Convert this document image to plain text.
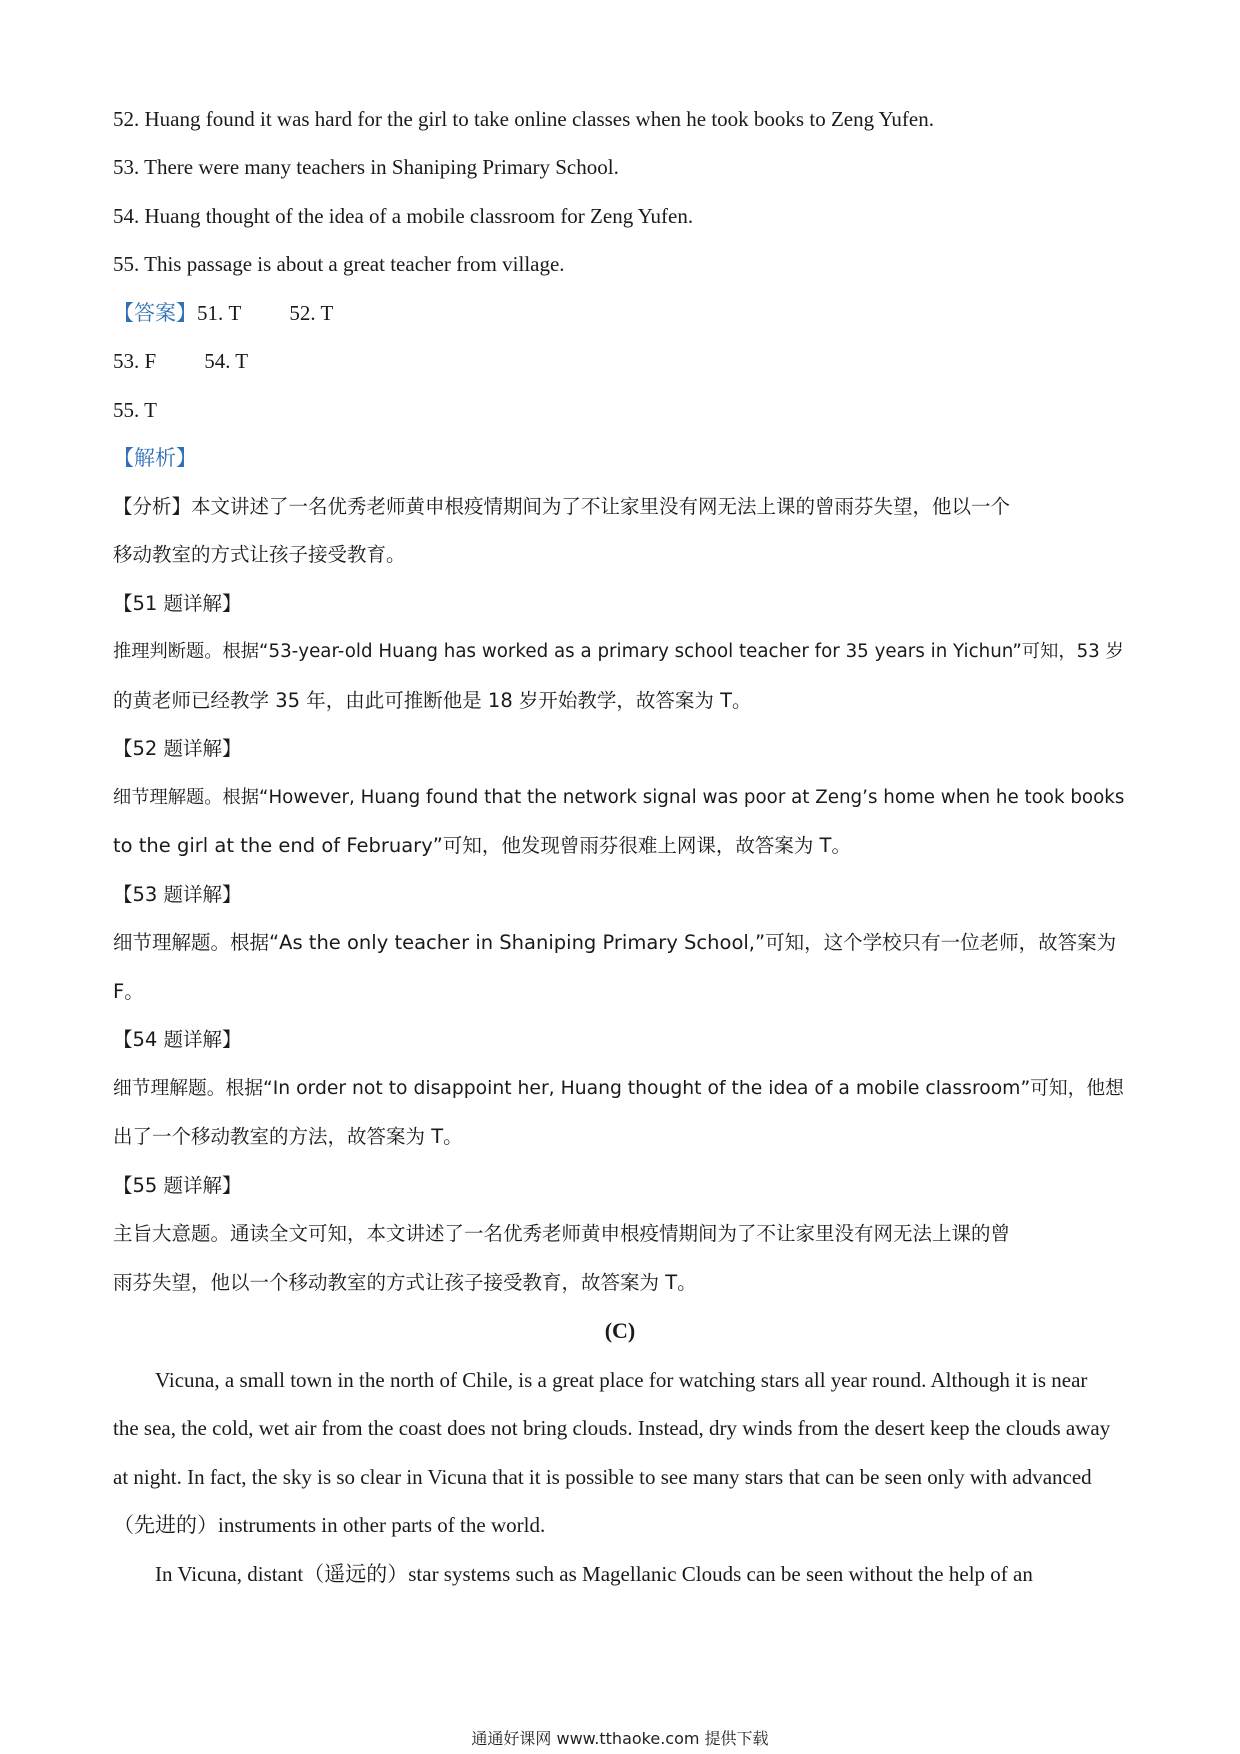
52. Huang found it was hard for the girl to take online classes when he took books to Zeng Yufen.
53. There were many teachers in Shaniping Primary School.
54. Huang thought of the idea of a mobile classroom for Zeng Yufen.
55. This passage is about a great teacher from village.
【答案】51. T 52. T
53. F 54. T
55. T
【解析】
【分析】本文讲述了一名优秀老师黄申根疫情期间为了不让家里没有网无法上课的曾雨芬失望，他以一个
移动教室的方式让孩子接受教育。
【51 题详解】
推理判断题。根据“53-year-old Huang has worked as a primary school teacher for 35 years in Yichun”可知，53 岁
的黄老师已经教学 35 年，由此可推断他是 18 岁开始教学，故答案为 T。
【52 题详解】
细节理解题。根据“However, Huang found that the network signal was poor at Zeng’s home when he took books
to the girl at the end of February”可知，他发现曾雨芬很难上网课，故答案为 T。
【53 题详解】
细节理解题。根据“As the only teacher in Shaniping Primary School,”可知，这个学校只有一位老师，故答案为
F。
【54 题详解】
细节理解题。根据“In order not to disappoint her, Huang thought of the idea of a mobile classroom”可知，他想
出了一个移动教室的方法，故答案为 T。
【55 题详解】
主旨大意题。通读全文可知，本文讲述了一名优秀老师黄申根疫情期间为了不让家里没有网无法上课的曾
雨芬失望，他以一个移动教室的方式让孩子接受教育，故答案为 T。
(C)
Vicuna, a small town in the north of Chile, is a great place for watching stars all year round. Although it is near
the sea, the cold, wet air from the coast does not bring clouds. Instead, dry winds from the desert keep the clouds away
at night. In fact, the sky is so clear in Vicuna that it is possible to see many stars that can be seen only with advanced
（先进的）instruments in other parts of the world.
In Vicuna, distant（遥远的）star systems such as Magellanic Clouds can be seen without the help of an
通通好课网 www.tthaoke.com 提供下载
